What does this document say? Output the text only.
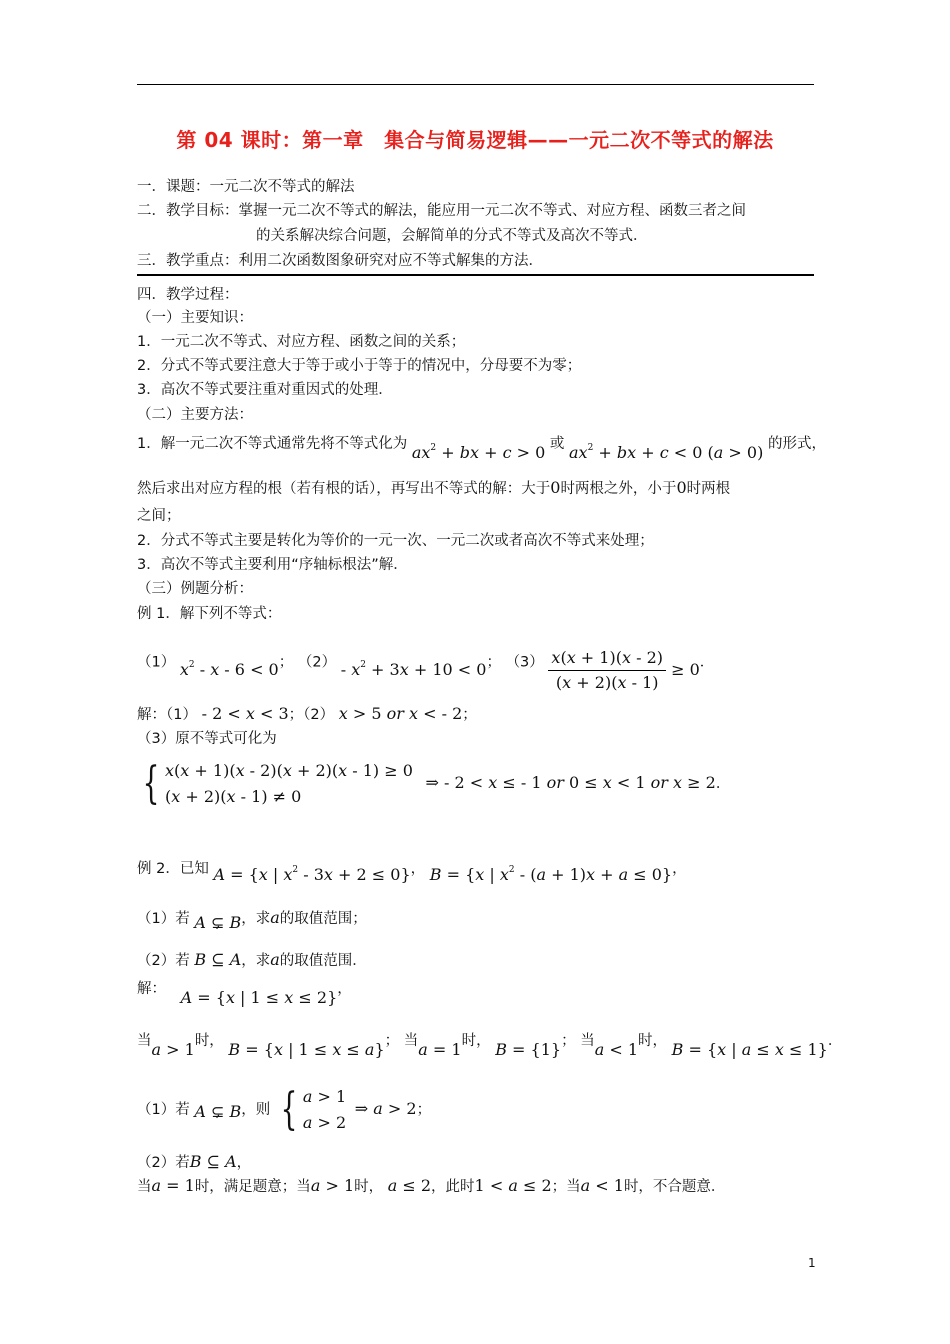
第 04 课时：第一章　集合与简易逻辑——一元二次不等式的解法
一．课题：一元二次不等式的解法
二．教学目标：掌握一元二次不等式的解法，能应用一元二次不等式、对应方程、函数三者之间
的关系解决综合问题，会解简单的分式不等式及高次不等式．
三．教学重点：利用二次函数图象研究对应不等式解集的方法．
四．教学过程：
（一）主要知识：
1．一元二次不等式、对应方程、函数之间的关系；
2．分式不等式要注意大于等于或小于等于的情况中，分母要不为零；
3．高次不等式要注重对重因式的处理．
（二）主要方法：
1．解一元二次不等式通常先将不等式化为 $ax^2$ + bx + c > 0 或 $ax^2$ + bx + c < 0 (a > 0) 的形式，
然后求出对应方程的根（若有根的话），再写出不等式的解：大于0时两根之外，小于0时两根
之间；
2．分式不等式主要是转化为等价的一元一次、一元二次或者高次不等式来处理；
3．高次不等式主要利用“序轴标根法”解．
（三）例题分析：
例 1．解下列不等式：
（1） $x^2 - x - 6 < 0$； $(2) - x^2 + 3x + 10 < 0$； $(3) \frac{x(x + 1)(x - 2)}{(x + 2)(x - 1)} \ge 0$．
解：（1） - 2 < x < 3；（2） x > 5 or x < - 2；
（3）原不等式可化为
{ x(x + 1)(x - 2)(x + 2)(x - 1) ≥ 0
(x + 2)(x - 1) ≠ 0
⇒ - 2 < x ≤ - 1 or 0 ≤ x < 1 or x ≥ 2．
例 2．已知 A = {x | $x^2 - 3x + 2 \le 0$}， B = {x | $x^2 - (a + 1)x + a \le 0$}，
（1）若 A ⊊ B，求a的取值范围；
（2）若 B ⊆ A，求a的取值范围．
解： A = {x | 1 ≤ x ≤ 2}，
当a > 1时， B = {x | 1 ≤ x ≤ a}； 当a = 1时， B = {1}； 当a < 1时， B = {x | a ≤ x ≤ 1}．
（1）若 A ⊊ B，则 { a > 1
a > 2
⇒ a > 2；
（2）若B ⊆ A，
当a = 1时，满足题意；当a > 1时， a ≤ 2，此时1 < a ≤ 2；当a < 1时，不合题意．
1
